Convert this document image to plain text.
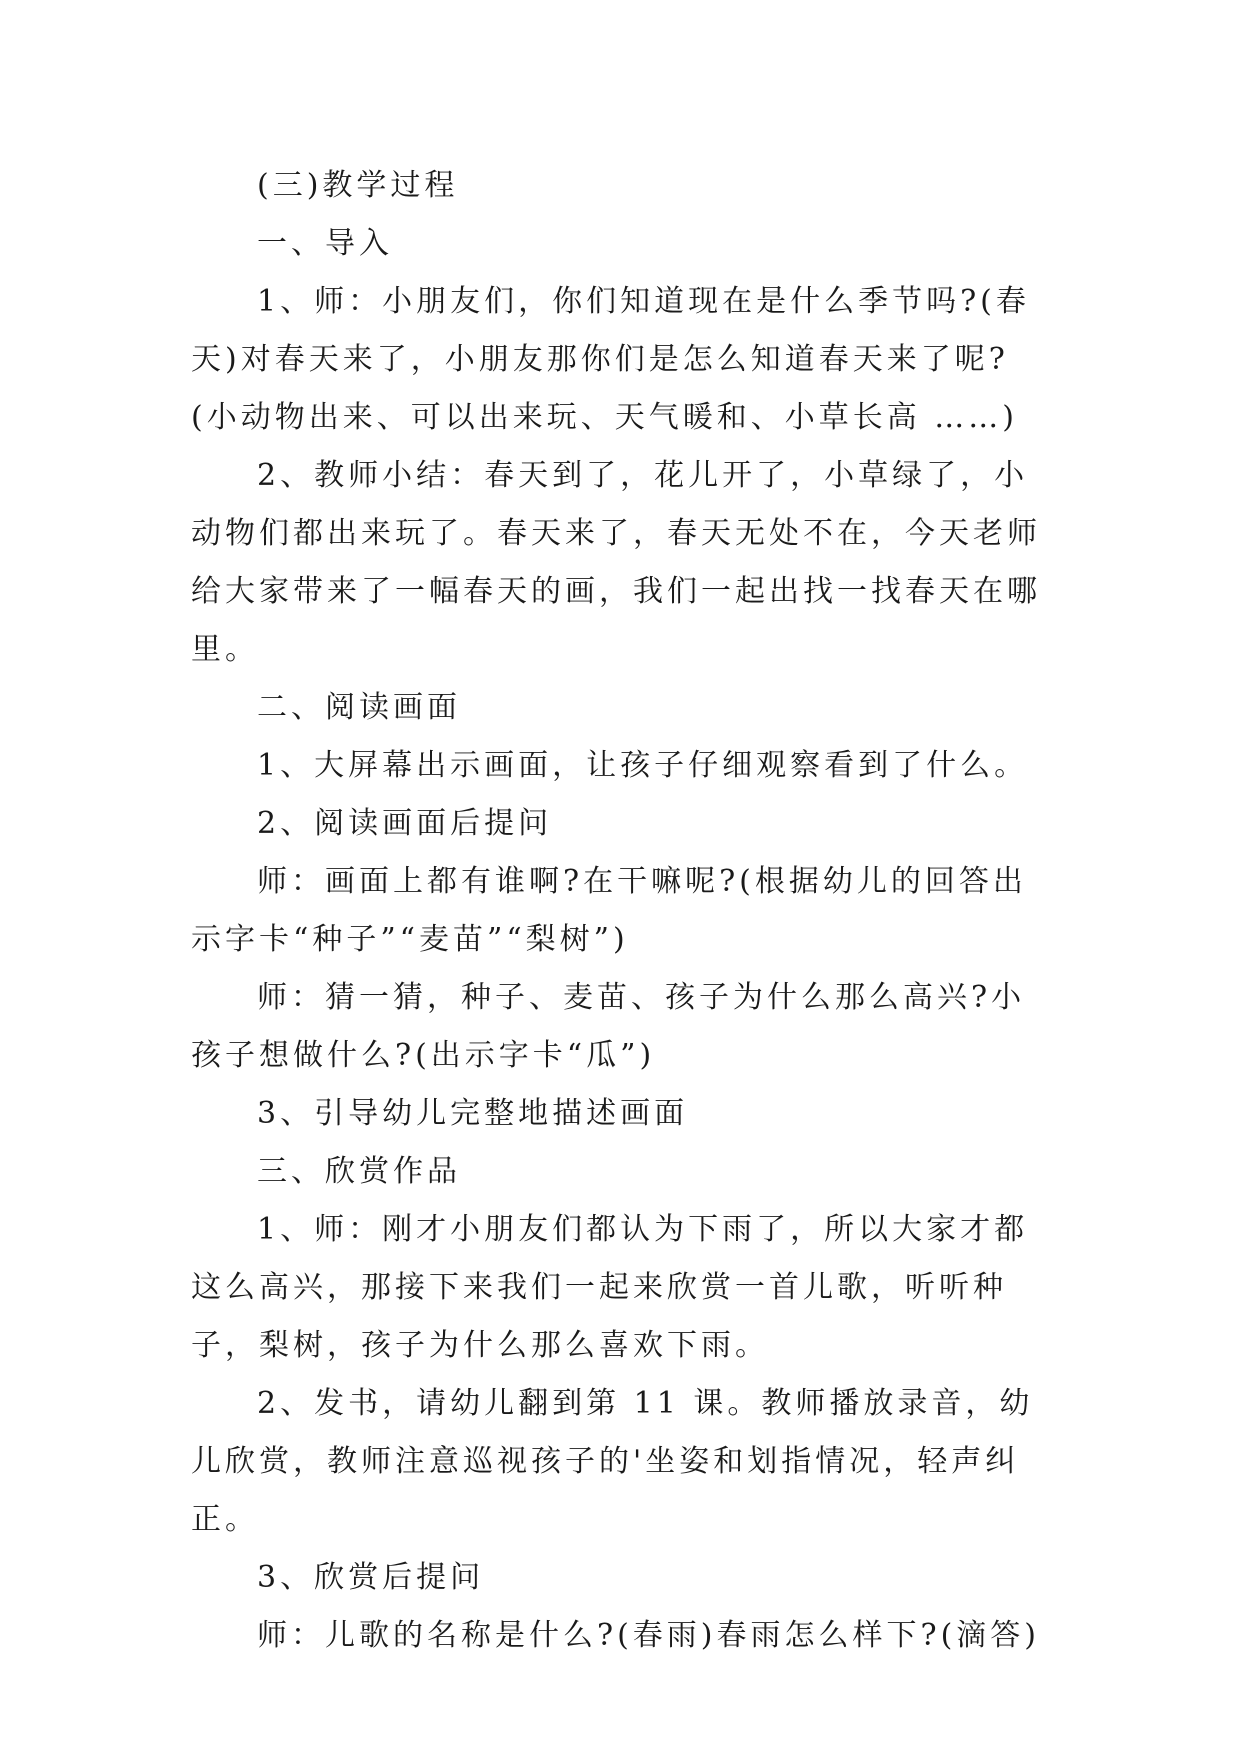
(三)教学过程

一、导入

1、师：小朋友们，你们知道现在是什么季节吗?(春天)对春天来了，小朋友那你们是怎么知道春天来了呢?(小动物出来、可以出来玩、天气暖和、小草长高 ……)

2、教师小结：春天到了，花儿开了，小草绿了，小动物们都出来玩了。春天来了，春天无处不在，今天老师给大家带来了一幅春天的画，我们一起出找一找春天在哪里。

二、阅读画面

1、大屏幕出示画面，让孩子仔细观察看到了什么。

2、阅读画面后提问

师：画面上都有谁啊?在干嘛呢?(根据幼儿的回答出示字卡“种子”“麦苗”“梨树”)

师：猜一猜，种子、麦苗、孩子为什么那么高兴?小孩子想做什么?(出示字卡“瓜”)

3、引导幼儿完整地描述画面

三、欣赏作品

1、师：刚才小朋友们都认为下雨了，所以大家才都这么高兴，那接下来我们一起来欣赏一首儿歌，听听种子，梨树，孩子为什么那么喜欢下雨。

2、发书，请幼儿翻到第 11 课。教师播放录音，幼儿欣赏，教师注意巡视孩子的'坐姿和划指情况，轻声纠正。

3、欣赏后提问

师：儿歌的名称是什么?(春雨)春雨怎么样下?(滴答)
